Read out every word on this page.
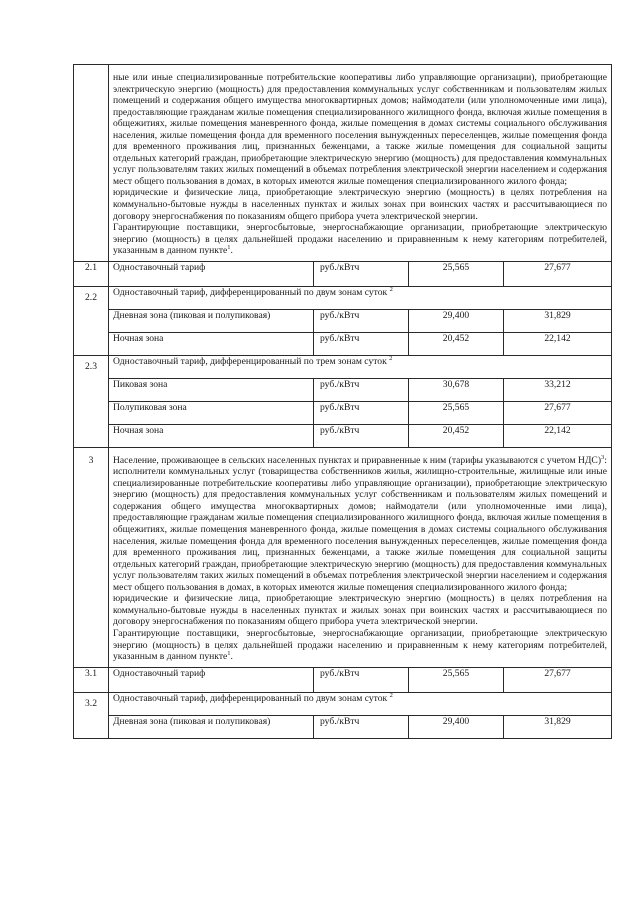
	ные или иные специализированные потребительские кооперативы либо управляющие организации), приобретающие электрическую энергию (мощность) для предоставления коммунальных услуг собственникам и пользователям жилых помещений и содержания общего имущества многоквартирных домов; наймодатели (или уполномоченные ими лица), предоставляющие гражданам жилые помещения специализированного жилищного фонда, включая жилые помещения в общежитиях, жилые помещения маневренного фонда, жилые помещения в домах системы социального обслуживания населения, жилые помещения фонда для временного поселения вынужденных переселенцев, жилые помещения фонда для временного проживания лиц, признанных беженцами, а также жилые помещения для социальной защиты отдельных категорий граждан, приобретающие электрическую энергию (мощность) для предоставления коммунальных услуг пользователям таких жилых помещений в объемах потребления электрической энергии населением и содержания мест общего пользования в домах, в которых имеются жилые помещения специализированного жилого фонда;

юридические и физические лица, приобретающие электрическую энергию (мощность) в целях потребления на коммунально-бытовые нужды в населенных пунктах и жилых зонах при воинских частях и рассчитывающиеся по договору энергоснабжения по показаниям общего прибора учета электрической энергии.

Гарантирующие поставщики, энергосбытовые, энергоснабжающие организации, приобретающие электрическую энергию (мощность) в целях дальнейшей продажи населению и приравненным к нему категориям потребителей, указанным в данном пункте$^1$.			

2.1	Одноставочный тариф	руб./кВтч	25,565	27,677
2.2	Одноставочный тариф, дифференцированный по двум зонам суток $^2$
	Дневная зона (пиковая и полупиковая)	руб./кВтч	29,400	31,829
	Ночная зона	руб./кВтч	20,452	22,142
2.3	Одноставочный тариф, дифференцированный по трем зонам суток $^2$
	Пиковая зона	руб./кВтч	30,678	33,212
	Полупиковая зона	руб./кВтч	25,565	27,677
	Ночная зона	руб./кВтч	20,452	22,142
3	Население, проживающее в сельских населенных пунктах и приравненные к ним (тарифы указываются с учетом НДС)$^3$:

исполнители коммунальных услуг (товарищества собственников жилья, жилищно-строительные, жилищные или иные специализированные потребительские кооперативы либо управляющие организации), приобретающие электрическую энергию (мощность) для предоставления коммунальных услуг собственникам и пользователям жилых помещений и содержания общего имущества многоквартирных домов; наймодатели (или уполномоченные ими лица), предоставляющие гражданам жилые помещения специализированного жилищного фонда, включая жилые помещения в общежитиях, жилые помещения маневренного фонда, жилые помещения в домах системы социального обслуживания населения, жилые помещения фонда для временного поселения вынужденных переселенцев, жилые помещения фонда для временного проживания лиц, признанных беженцами, а также жилые помещения для социальной защиты отдельных категорий граждан, приобретающие электрическую энергию (мощность) для предоставления коммунальных услуг пользователям таких жилых помещений в объемах потребления электрической энергии населением и содержания мест общего пользования в домах, в которых имеются жилые помещения специализированного жилого фонда;

юридические и физические лица, приобретающие электрическую энергию (мощность) в целях потребления на коммунально-бытовые нужды в населенных пунктах и жилых зонах при воинских частях и рассчитывающиеся по договору энергоснабжения по показаниям общего прибора учета электрической энергии.

Гарантирующие поставщики, энергосбытовые, энергоснабжающие организации, приобретающие электрическую энергию (мощность) в целях дальнейшей продажи населению и приравненным к нему категориям потребителей, указанным в данном пункте$^1$.			

3.1	Одноставочный тариф	руб./кВтч	25,565	27,677
3.2	Одноставочный тариф, дифференцированный по двум зонам суток $^2$
	Дневная зона (пиковая и полупиковая)	руб./кВтч	29,400	31,829
